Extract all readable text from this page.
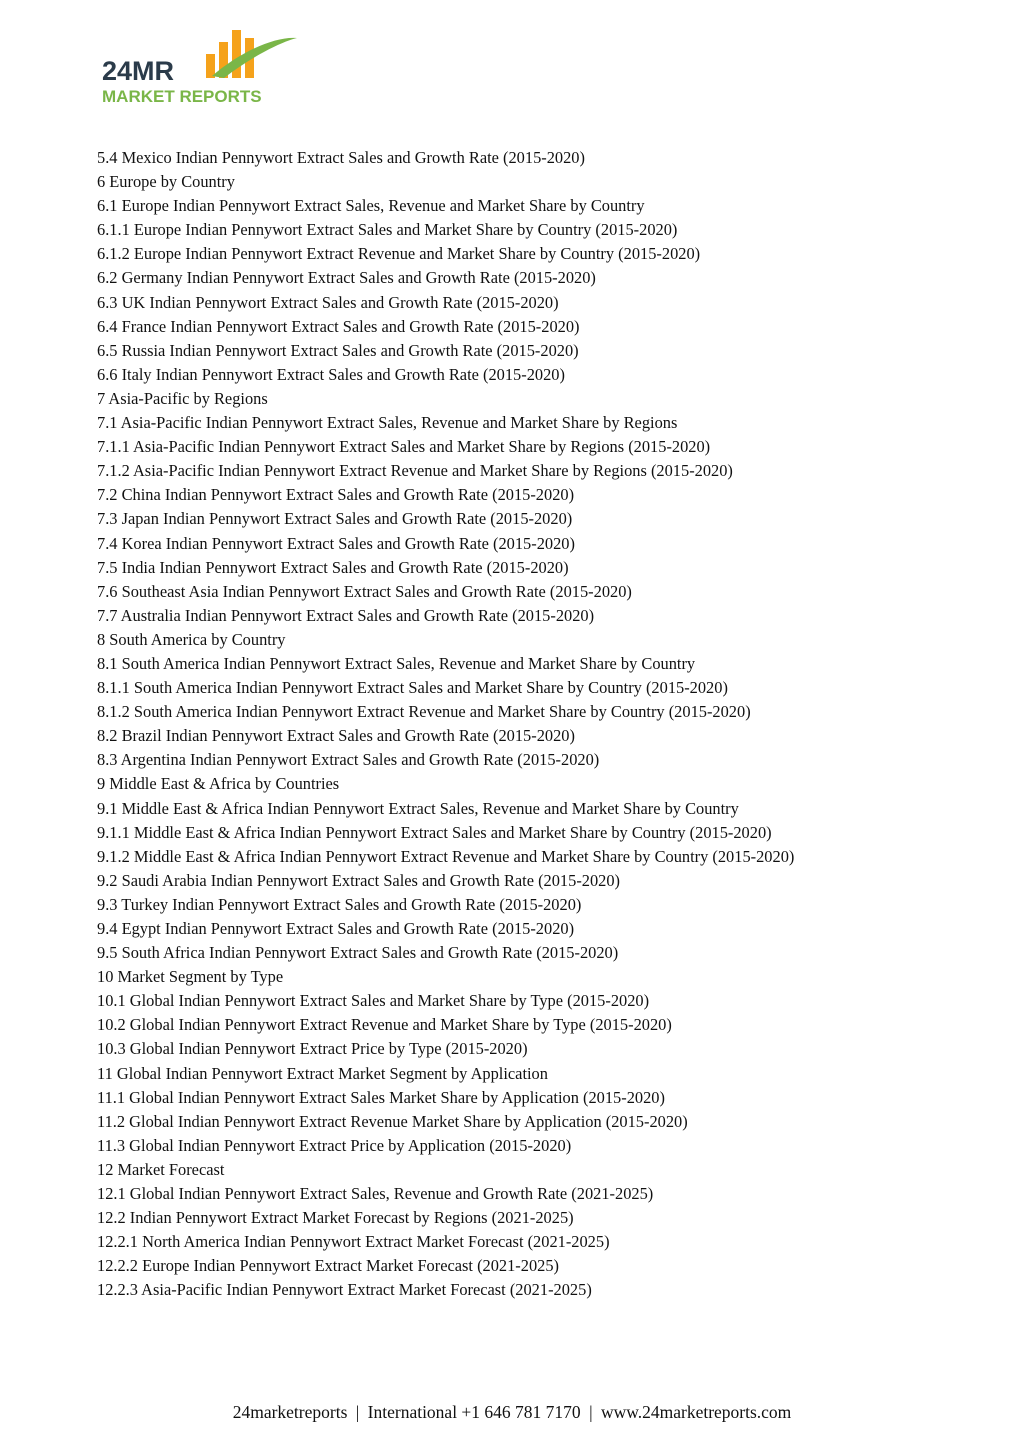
24MR
MARKET REPORTS
5.4 Mexico Indian Pennywort Extract Sales and Growth Rate (2015-2020)
6 Europe by Country
6.1 Europe Indian Pennywort Extract Sales, Revenue and Market Share by Country
6.1.1 Europe Indian Pennywort Extract Sales and Market Share by Country (2015-2020)
6.1.2 Europe Indian Pennywort Extract Revenue and Market Share by Country (2015-2020)
6.2 Germany Indian Pennywort Extract Sales and Growth Rate (2015-2020)
6.3 UK Indian Pennywort Extract Sales and Growth Rate (2015-2020)
6.4 France Indian Pennywort Extract Sales and Growth Rate (2015-2020)
6.5 Russia Indian Pennywort Extract Sales and Growth Rate (2015-2020)
6.6 Italy Indian Pennywort Extract Sales and Growth Rate (2015-2020)
7 Asia-Pacific by Regions
7.1 Asia-Pacific Indian Pennywort Extract Sales, Revenue and Market Share by Regions
7.1.1 Asia-Pacific Indian Pennywort Extract Sales and Market Share by Regions (2015-2020)
7.1.2 Asia-Pacific Indian Pennywort Extract Revenue and Market Share by Regions (2015-2020)
7.2 China Indian Pennywort Extract Sales and Growth Rate (2015-2020)
7.3 Japan Indian Pennywort Extract Sales and Growth Rate (2015-2020)
7.4 Korea Indian Pennywort Extract Sales and Growth Rate (2015-2020)
7.5 India Indian Pennywort Extract Sales and Growth Rate (2015-2020)
7.6 Southeast Asia Indian Pennywort Extract Sales and Growth Rate (2015-2020)
7.7 Australia Indian Pennywort Extract Sales and Growth Rate (2015-2020)
8 South America by Country
8.1 South America Indian Pennywort Extract Sales, Revenue and Market Share by Country
8.1.1 South America Indian Pennywort Extract Sales and Market Share by Country (2015-2020)
8.1.2 South America Indian Pennywort Extract Revenue and Market Share by Country (2015-2020)
8.2 Brazil Indian Pennywort Extract Sales and Growth Rate (2015-2020)
8.3 Argentina Indian Pennywort Extract Sales and Growth Rate (2015-2020)
9 Middle East & Africa by Countries
9.1 Middle East & Africa Indian Pennywort Extract Sales, Revenue and Market Share by Country
9.1.1 Middle East & Africa Indian Pennywort Extract Sales and Market Share by Country (2015-2020)
9.1.2 Middle East & Africa Indian Pennywort Extract Revenue and Market Share by Country (2015-2020)
9.2 Saudi Arabia Indian Pennywort Extract Sales and Growth Rate (2015-2020)
9.3 Turkey Indian Pennywort Extract Sales and Growth Rate (2015-2020)
9.4 Egypt Indian Pennywort Extract Sales and Growth Rate (2015-2020)
9.5 South Africa Indian Pennywort Extract Sales and Growth Rate (2015-2020)
10 Market Segment by Type
10.1 Global Indian Pennywort Extract Sales and Market Share by Type (2015-2020)
10.2 Global Indian Pennywort Extract Revenue and Market Share by Type (2015-2020)
10.3 Global Indian Pennywort Extract Price by Type (2015-2020)
11 Global Indian Pennywort Extract Market Segment by Application
11.1 Global Indian Pennywort Extract Sales Market Share by Application (2015-2020)
11.2 Global Indian Pennywort Extract Revenue Market Share by Application (2015-2020)
11.3 Global Indian Pennywort Extract Price by Application (2015-2020)
12 Market Forecast
12.1 Global Indian Pennywort Extract Sales, Revenue and Growth Rate (2021-2025)
12.2 Indian Pennywort Extract Market Forecast by Regions (2021-2025)
12.2.1 North America Indian Pennywort Extract Market Forecast (2021-2025)
12.2.2 Europe Indian Pennywort Extract Market Forecast (2021-2025)
12.2.3 Asia-Pacific Indian Pennywort Extract Market Forecast (2021-2025)
24marketreports | International +1 646 781 7170 | www.24marketreports.com
